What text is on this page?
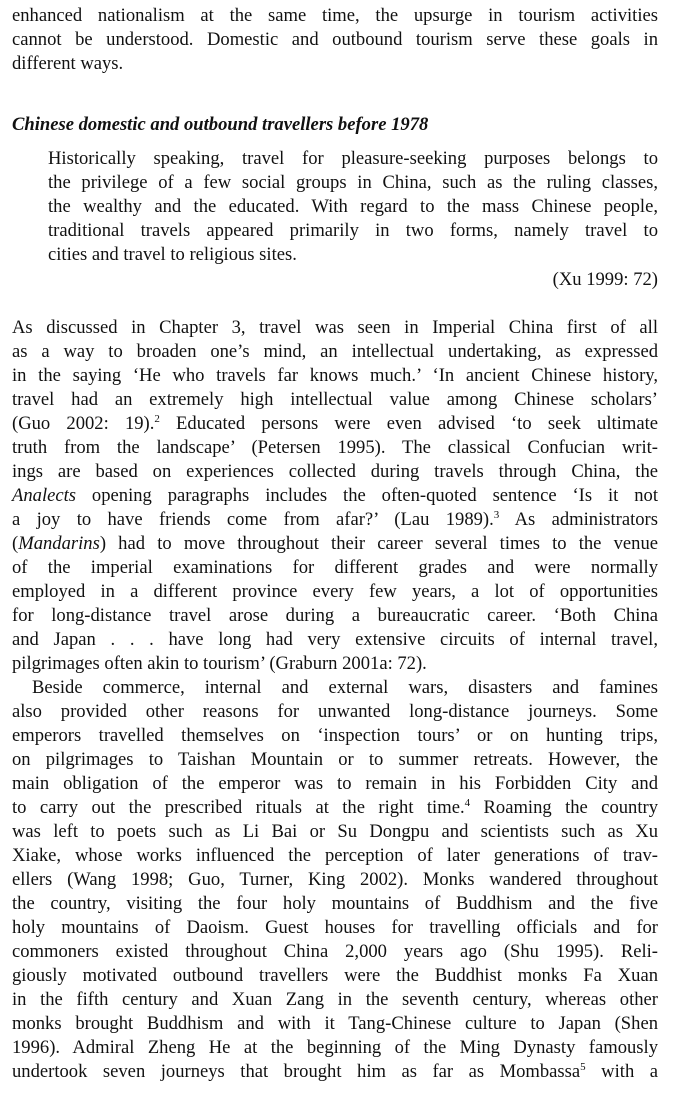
enhanced nationalism at the same time, the upsurge in tourism activities
cannot be understood. Domestic and outbound tourism serve these goals in
different ways.
Chinese domestic and outbound travellers before 1978
Historically speaking, travel for pleasure-seeking purposes belongs to
the privilege of a few social groups in China, such as the ruling classes,
the wealthy and the educated. With regard to the mass Chinese people,
traditional travels appeared primarily in two forms, namely travel to
cities and travel to religious sites.
(Xu 1999: 72)
As discussed in Chapter 3, travel was seen in Imperial China first of all
as a way to broaden one’s mind, an intellectual undertaking, as expressed
in the saying ‘He who travels far knows much.’ ‘In ancient Chinese history,
travel had an extremely high intellectual value among Chinese scholars’
(Guo 2002: 19).$^2$ Educated persons were even advised ‘to seek ultimate
truth from the landscape’ (Petersen 1995). The classical Confucian writ-
ings are based on experiences collected during travels through China, the
Analects opening paragraphs includes the often-quoted sentence ‘Is it not
a joy to have friends come from afar?’ (Lau 1989).$^3$ As administrators
(Mandarins) had to move throughout their career several times to the venue
of the imperial examinations for different grades and were normally
employed in a different province every few years, a lot of opportunities
for long-distance travel arose during a bureaucratic career. ‘Both China
and Japan . . . have long had very extensive circuits of internal travel,
pilgrimages often akin to tourism’ (Graburn 2001a: 72).
Beside commerce, internal and external wars, disasters and famines
also provided other reasons for unwanted long-distance journeys. Some
emperors travelled themselves on ‘inspection tours’ or on hunting trips,
on pilgrimages to Taishan Mountain or to summer retreats. However, the
main obligation of the emperor was to remain in his Forbidden City and
to carry out the prescribed rituals at the right time.$^4$ Roaming the country
was left to poets such as Li Bai or Su Dongpu and scientists such as Xu
Xiake, whose works influenced the perception of later generations of trav-
ellers (Wang 1998; Guo, Turner, King 2002). Monks wandered throughout
the country, visiting the four holy mountains of Buddhism and the five
holy mountains of Daoism. Guest houses for travelling officials and for
commoners existed throughout China 2,000 years ago (Shu 1995). Reli-
giously motivated outbound travellers were the Buddhist monks Fa Xuan
in the fifth century and Xuan Zang in the seventh century, whereas other
monks brought Buddhism and with it Tang-Chinese culture to Japan (Shen
1996). Admiral Zheng He at the beginning of the Ming Dynasty famously
undertook seven journeys that brought him as far as Mombassa$^5$ with a
